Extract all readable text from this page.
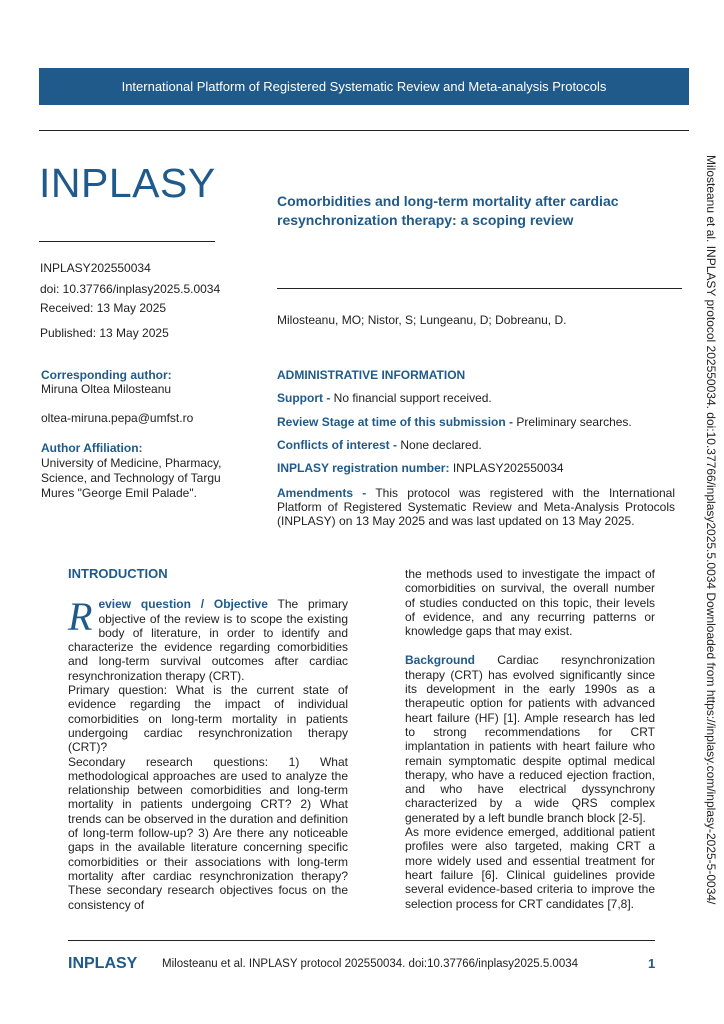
International Platform of Registered Systematic Review and Meta-analysis Protocols
INPLASY
INPLASY202550034
doi: 10.37766/inplasy2025.5.0034
Received: 13 May 2025
Published: 13 May 2025
Comorbidities and long-term mortality after cardiac resynchronization therapy: a scoping review
Milosteanu, MO; Nistor, S; Lungeanu, D; Dobreanu, D.
Corresponding author:
Miruna Oltea Milosteanu
oltea-miruna.pepa@umfst.ro
Author Affiliation:
University of Medicine, Pharmacy, Science, and Technology of Targu Mures "George Emil Palade".
ADMINISTRATIVE INFORMATION
Support - No financial support received.
Review Stage at time of this submission - Preliminary searches.
Conflicts of interest - None declared.
INPLASY registration number: INPLASY202550034
Amendments - This protocol was registered with the International Platform of Registered Systematic Review and Meta-Analysis Protocols (INPLASY) on 13 May 2025 and was last updated on 13 May 2025.	Milosteanu et al. INPLASY protocol 202550034. doi:10.37766/inplasy2025.5.0034 Downloaded from https://inplasy.com/inplasy-2025-5-0034/

INTRODUCTION

Review question / Objective The primary objective of the review is to scope the existing body of literature, in order to identify and characterize the evidence regarding comorbidities and long-term survival outcomes after cardiac resynchronization therapy (CRT).

Primary question: What is the current state of evidence regarding the impact of individual comorbidities on long-term mortality in patients undergoing cardiac resynchronization therapy (CRT)?

Secondary research questions: 1) What methodological approaches are used to analyze the relationship between comorbidities and long-term mortality in patients undergoing CRT? 2) What trends can be observed in the duration and definition of long-term follow-up? 3) Are there any noticeable gaps in the available literature concerning specific comorbidities or their associations with long-term mortality after cardiac resynchronization therapy? These secondary research objectives focus on the consistency of

the methods used to investigate the impact of comorbidities on survival, the overall number of studies conducted on this topic, their levels of evidence, and any recurring patterns or knowledge gaps that may exist.

Background Cardiac resynchronization therapy (CRT) has evolved significantly since its development in the early 1990s as a therapeutic option for patients with advanced heart failure (HF) [1]. Ample research has led to strong recommendations for CRT implantation in patients with heart failure who remain symptomatic despite optimal medical therapy, who have a reduced ejection fraction, and who have electrical dyssynchrony characterized by a wide QRS complex generated by a left bundle branch block [2-5].

As more evidence emerged, additional patient profiles were also targeted, making CRT a more widely used and essential treatment for heart failure [6]. Clinical guidelines provide several evidence-based criteria to improve the selection process for CRT candidates [7,8].

INPLASY Milosteanu et al. INPLASY protocol 202550034. doi:10.37766/inplasy2025.5.0034	1
